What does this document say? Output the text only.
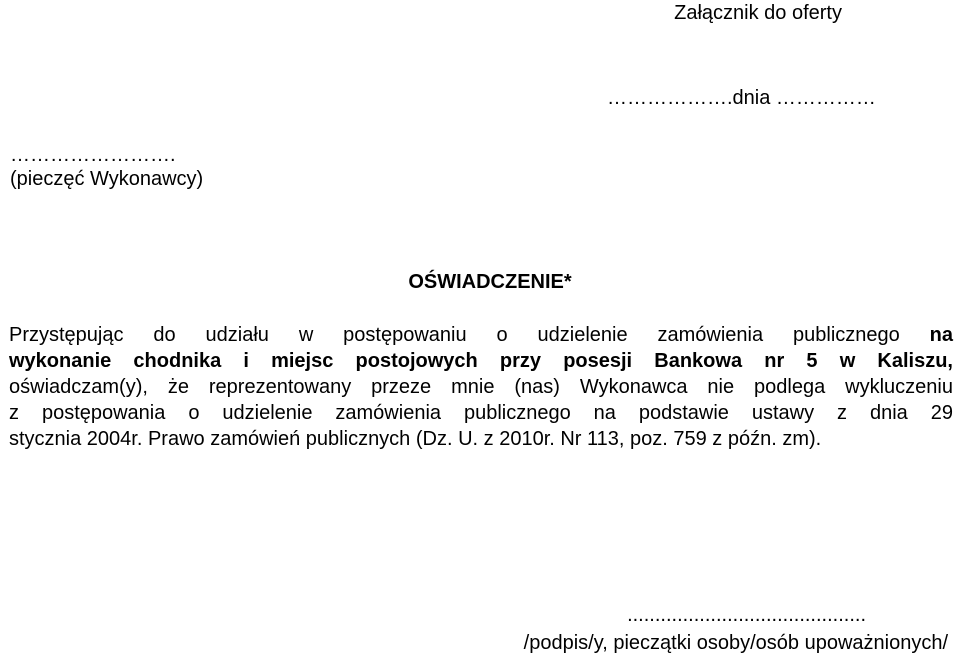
Załącznik do oferty
……………….dnia ……………
…………………….
(pieczęć Wykonawcy)
OŚWIADCZENIE*
Przystępując do udziału w postępowaniu o udzielenie zamówienia publicznego na
wykonanie chodnika i miejsc postojowych przy posesji Bankowa nr 5 w Kaliszu,
oświadczam(y), że reprezentowany przeze mnie (nas) Wykonawca nie podlega wykluczeniu
z postępowania o udzielenie zamówienia publicznego na podstawie ustawy z dnia 29
stycznia 2004r. Prawo zamówień publicznych (Dz. U. z 2010r. Nr 113, poz. 759 z późn. zm).
...........................................
/podpis/y, pieczątki osoby/osób upoważnionych/
